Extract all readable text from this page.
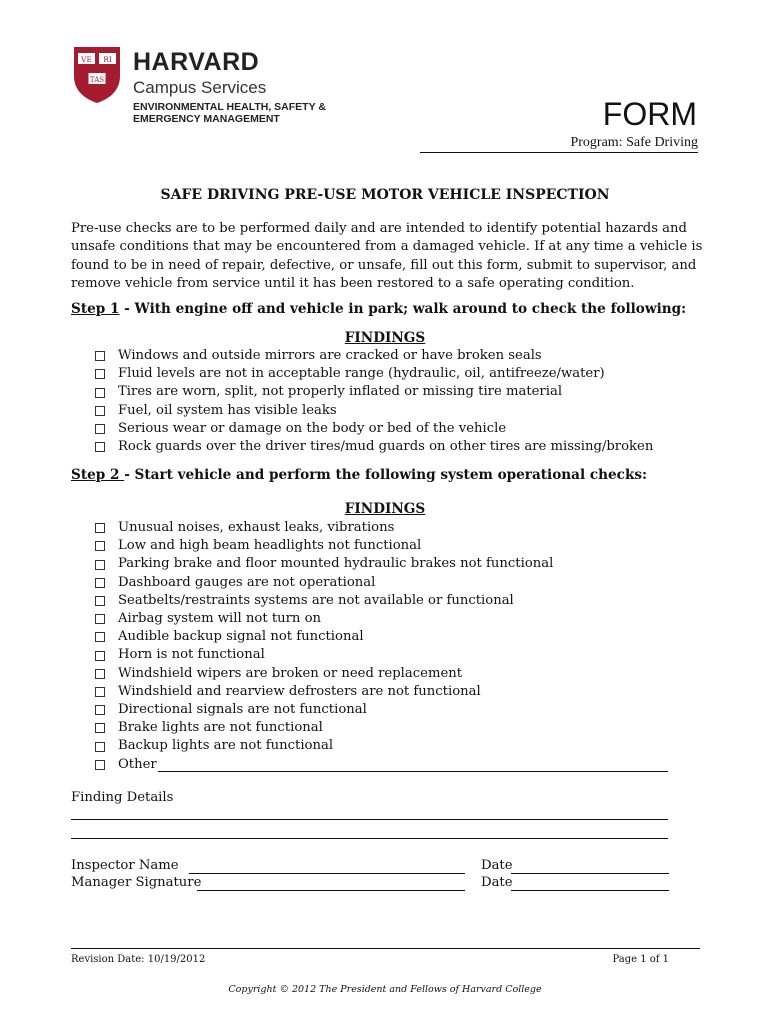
VE RI
TAS
HARVARD
Campus Services
ENVIRONMENTAL HEALTH, SAFETY &
EMERGENCY MANAGEMENT	FORM
Program: Safe Driving
SAFE DRIVING PRE-USE MOTOR VEHICLE INSPECTION
Pre-use checks are to be performed daily and are intended to identify potential hazards and unsafe conditions that may be encountered from a damaged vehicle. If at any time a vehicle is found to be in need of repair, defective, or unsafe, fill out this form, submit to supervisor, and remove vehicle from service until it has been restored to a safe operating condition.
Step 1 - With engine off and vehicle in park; walk around to check the following:
FINDINGS
Windows and outside mirrors are cracked or have broken seals
Fluid levels are not in acceptable range (hydraulic, oil, antifreeze/water)
Tires are worn, split, not properly inflated or missing tire material
Fuel, oil system has visible leaks
Serious wear or damage on the body or bed of the vehicle
Rock guards over the driver tires/mud guards on other tires are missing/broken
Step 2 - Start vehicle and perform the following system operational checks:
FINDINGS
Unusual noises, exhaust leaks, vibrations
Low and high beam headlights not functional
Parking brake and floor mounted hydraulic brakes not functional
Dashboard gauges are not operational
Seatbelts/restraints systems are not available or functional
Airbag system will not turn on
Audible backup signal not functional
Horn is not functional
Windshield wipers are broken or need replacement
Windshield and rearview defrosters are not functional
Directional signals are not functional
Brake lights are not functional
Backup lights are not functional
Other
Finding Details
Inspector Name	Date
Manager Signature	Date
Revision Date: 10/19/2012	Page 1 of 1
Copyright © 2012 The President and Fellows of Harvard College
